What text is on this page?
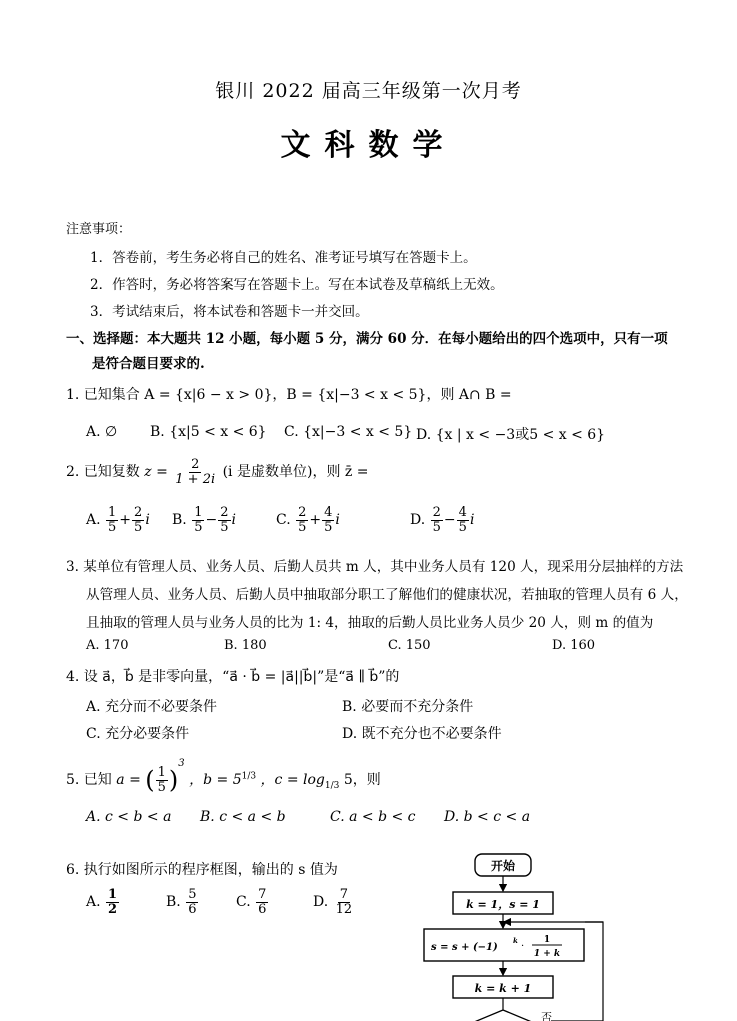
银川 2022 届高三年级第一次月考
文科数学
注意事项：
1．答卷前，考生务必将自己的姓名、准考证号填写在答题卡上。
2．作答时，务必将答案写在答题卡上。写在本试卷及草稿纸上无效。
3．考试结束后，将本试卷和答题卡一并交回。
一、选择题：本大题共 12 小题，每小题 5 分，满分 60 分．在每小题给出的四个选项中，只有一项
是符合题目要求的.
1. 已知集合 A = {x|6 − x > 0}，B = {x|−3 < x < 5}，则 A∩ B =
A. ∅ B. {x|5 < x < 6} C. {x|−3 < x < 5} D. {x | x < −3或5 < x < 6}
2. 已知复数 $z = \frac{2}{1 + 2i} (i$ 是虚数单位)，则 z̄ =
A. $\frac{1}{5} + \frac{2}{5}$ i B. $\frac{1}{5} - \frac{2}{5}$ i	C. $\frac{2}{5} + \frac{4}{5}$ i	D. $\frac{2}{5} - \frac{4}{5}$ i
3. 某单位有管理人员、业务人员、后勤人员共 m 人，其中业务人员有 120 人，现采用分层抽样的方法
从管理人员、业务人员、后勤人员中抽取部分职工了解他们的健康状况，若抽取的管理人员有 6 人，
且抽取的管理人员与业务人员的比为 1: 4，抽取的后勤人员比业务人员少 20 人，则 m 的值为
A. 170	B. 180	C. 150	D. 160
4. 设 a⃗，b⃗ 是非零向量，“a⃗ · b⃗ = |a⃗||b⃗|”是“a⃗ ∥ b⃗”的
A. 充分而不必要条件	B. 必要而不充分条件
C. 充分必要条件	D. 既不充分也不必要条件
5. 已知 a = ( $\frac{1}{5} )^3$ ，$b = 5^{1/3}$ ，$c = \log_{1/3} 5$，则
A. c < b < a B. c < a < b	C. a < b < c D. b < c < a
6. 执行如图所示的程序框图，输出的 s 值为
A. $\frac{1}{2}$	B. $\frac{5}{6}$	C. $\frac{7}{6}$	D. $\frac{7}{12}$
开始
k = 1，s = 1
s = s + (−1)
k
·
1
1 + k
k = k + 1
否
